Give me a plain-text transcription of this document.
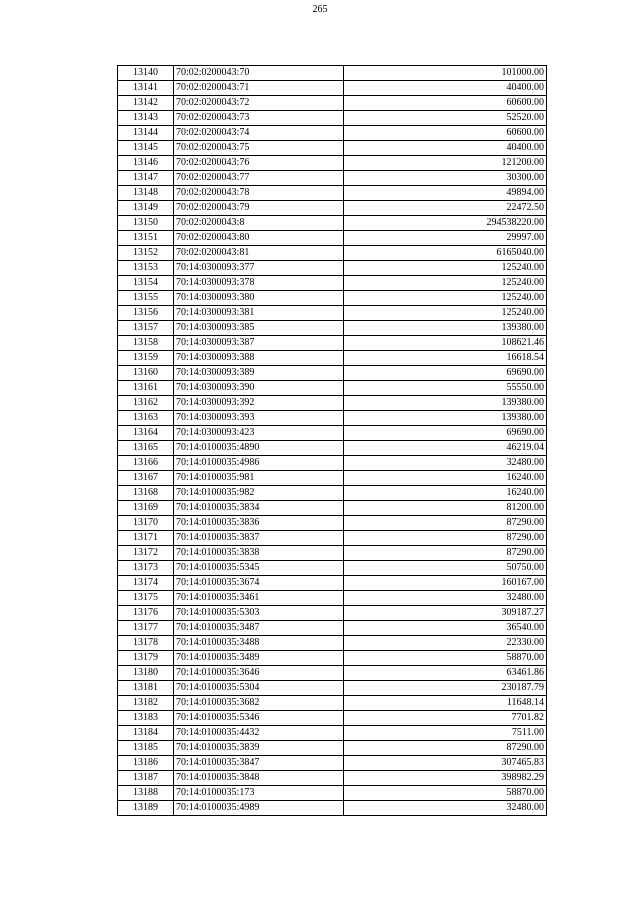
265
13140	70:02:0200043:70	101000.00
13141	70:02:0200043:71	40400.00
13142	70:02:0200043:72	60600.00
13143	70:02:0200043:73	52520.00
13144	70:02:0200043:74	60600.00
13145	70:02:0200043:75	40400.00
13146	70:02:0200043:76	121200.00
13147	70:02:0200043:77	30300.00
13148	70:02:0200043:78	49894.00
13149	70:02:0200043:79	22472.50
13150	70:02:0200043:8	294538220.00
13151	70:02:0200043:80	29997.00
13152	70:02:0200043:81	6165040.00
13153	70:14:0300093:377	125240.00
13154	70:14:0300093:378	125240.00
13155	70:14:0300093:380	125240.00
13156	70:14:0300093:381	125240.00
13157	70:14:0300093:385	139380.00
13158	70:14:0300093:387	108621.46
13159	70:14:0300093:388	16618.54
13160	70:14:0300093:389	69690.00
13161	70:14:0300093:390	55550.00
13162	70:14:0300093:392	139380.00
13163	70:14:0300093:393	139380.00
13164	70:14:0300093:423	69690.00
13165	70:14:0100035:4890	46219.04
13166	70:14:0100035:4986	32480.00
13167	70:14:0100035:981	16240.00
13168	70:14:0100035:982	16240.00
13169	70:14:0100035:3834	81200.00
13170	70:14:0100035:3836	87290.00
13171	70:14:0100035:3837	87290.00
13172	70:14:0100035:3838	87290.00
13173	70:14:0100035:5345	50750.00
13174	70:14:0100035:3674	160167.00
13175	70:14:0100035:3461	32480.00
13176	70:14:0100035:5303	309187.27
13177	70:14:0100035:3487	36540.00
13178	70:14:0100035:3488	22330.00
13179	70:14:0100035:3489	58870.00
13180	70:14:0100035:3646	63461.86
13181	70:14:0100035:5304	230187.79
13182	70:14:0100035:3682	11648.14
13183	70:14:0100035:5346	7701.82
13184	70:14:0100035:4432	7511.00
13185	70:14:0100035:3839	87290.00
13186	70:14:0100035:3847	307465.83
13187	70:14:0100035:3848	398982.29
13188	70:14:0100035:173	58870.00
13189	70:14:0100035:4989	32480.00
